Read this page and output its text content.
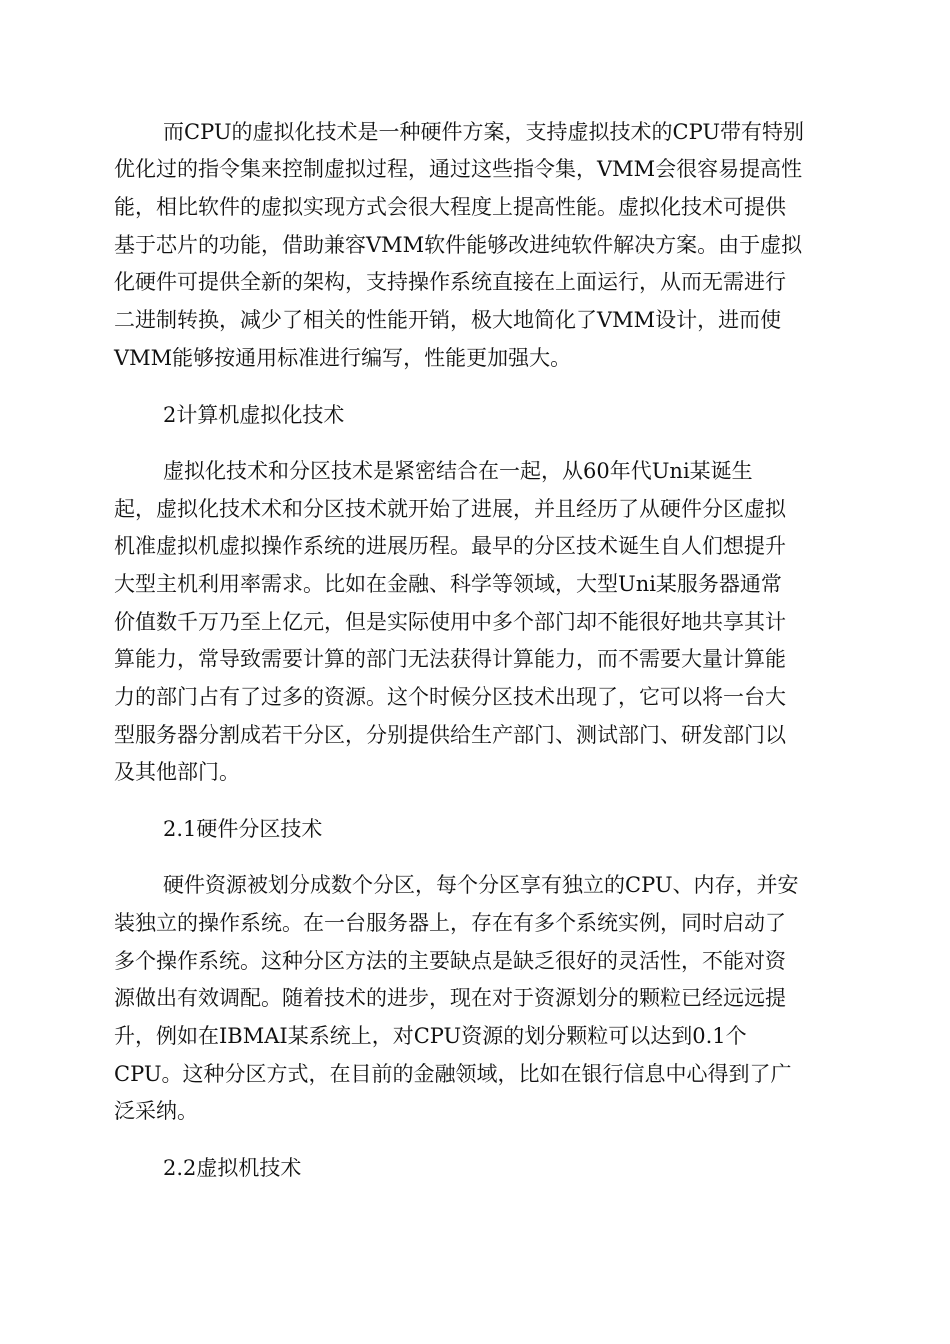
而CPU的虚拟化技术是一种硬件方案，支持虚拟技术的CPU带有特别
优化过的指令集来控制虚拟过程，通过这些指令集，VMM会很容易提高性
能，相比软件的虚拟实现方式会很大程度上提高性能。虚拟化技术可提供
基于芯片的功能，借助兼容VMM软件能够改进纯软件解决方案。由于虚拟
化硬件可提供全新的架构，支持操作系统直接在上面运行，从而无需进行
二进制转换，减少了相关的性能开销，极大地简化了VMM设计，进而使
VMM能够按通用标准进行编写，性能更加强大。
2计算机虚拟化技术
虚拟化技术和分区技术是紧密结合在一起，从60年代Uni某诞生
起，虚拟化技术术和分区技术就开始了进展，并且经历了从硬件分区虚拟
机准虚拟机虚拟操作系统的进展历程。最早的分区技术诞生自人们想提升
大型主机利用率需求。比如在金融、科学等领域，大型Uni某服务器通常
价值数千万乃至上亿元，但是实际使用中多个部门却不能很好地共享其计
算能力，常导致需要计算的部门无法获得计算能力，而不需要大量计算能
力的部门占有了过多的资源。这个时候分区技术出现了，它可以将一台大
型服务器分割成若干分区，分别提供给生产部门、测试部门、研发部门以
及其他部门。
2.1硬件分区技术
硬件资源被划分成数个分区，每个分区享有独立的CPU、内存，并安
装独立的操作系统。在一台服务器上，存在有多个系统实例，同时启动了
多个操作系统。这种分区方法的主要缺点是缺乏很好的灵活性，不能对资
源做出有效调配。随着技术的进步，现在对于资源划分的颗粒已经远远提
升，例如在IBMAI某系统上，对CPU资源的划分颗粒可以达到0.1个
CPU。这种分区方式，在目前的金融领域，比如在银行信息中心得到了广
泛采纳。
2.2虚拟机技术
